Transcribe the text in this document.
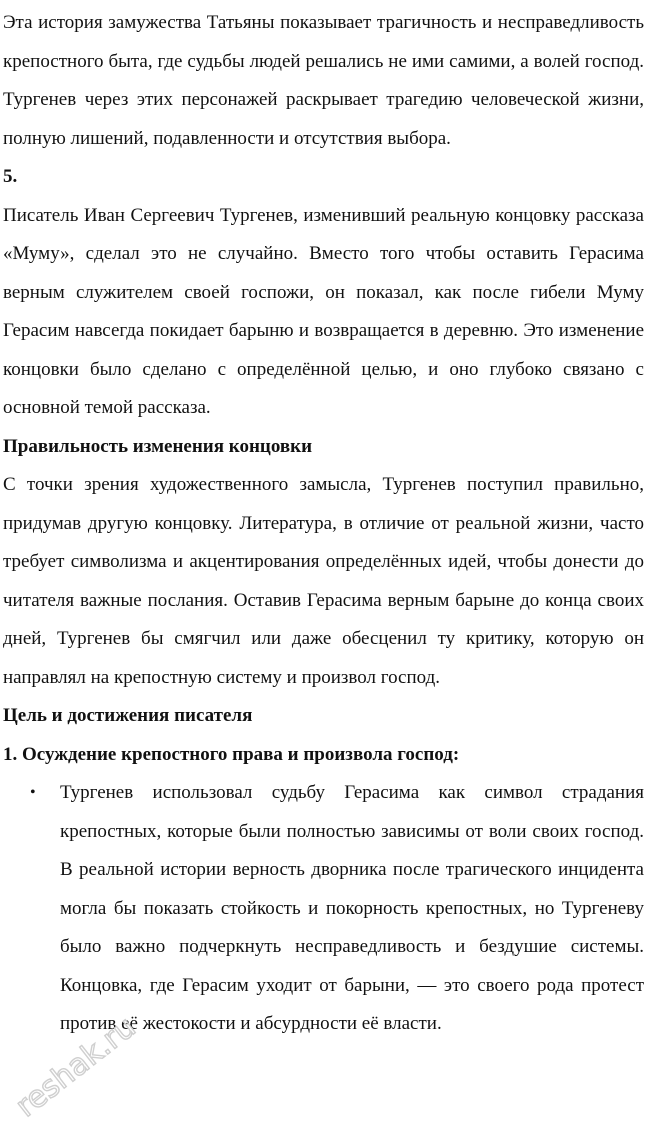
Эта история замужества Татьяны показывает трагичность и несправедливость крепостного быта, где судьбы людей решались не ими самими, а волей господ. Тургенев через этих персонажей раскрывает трагедию человеческой жизни, полную лишений, подавленности и отсутствия выбора.

5.

Писатель Иван Сергеевич Тургенев, изменивший реальную концовку рассказа «Муму», сделал это не случайно. Вместо того чтобы оставить Герасима верным служителем своей госпожи, он показал, как после гибели Муму Герасим навсегда покидает барыню и возвращается в деревню. Это изменение концовки было сделано с определённой целью, и оно глубоко связано с основной темой рассказа.

Правильность изменения концовки

С точки зрения художественного замысла, Тургенев поступил правильно, придумав другую концовку. Литература, в отличие от реальной жизни, часто требует символизма и акцентирования определённых идей, чтобы донести до читателя важные послания. Оставив Герасима верным барыне до конца своих дней, Тургенев бы смягчил или даже обесценил ту критику, которую он направлял на крепостную систему и произвол господ.

Цель и достижения писателя

1. Осуждение крепостного права и произвола господ:

• Тургенев использовал судьбу Герасима как символ страдания крепостных, которые были полностью зависимы от воли своих господ. В реальной истории верность дворника после трагического инцидента могла бы показать стойкость и покорность крепостных, но Тургеневу было важно подчеркнуть несправедливость и бездушие системы. Концовка, где Герасим уходит от барыни, — это своего рода протест против её жестокости и абсурдности её власти.
reshak.ru
